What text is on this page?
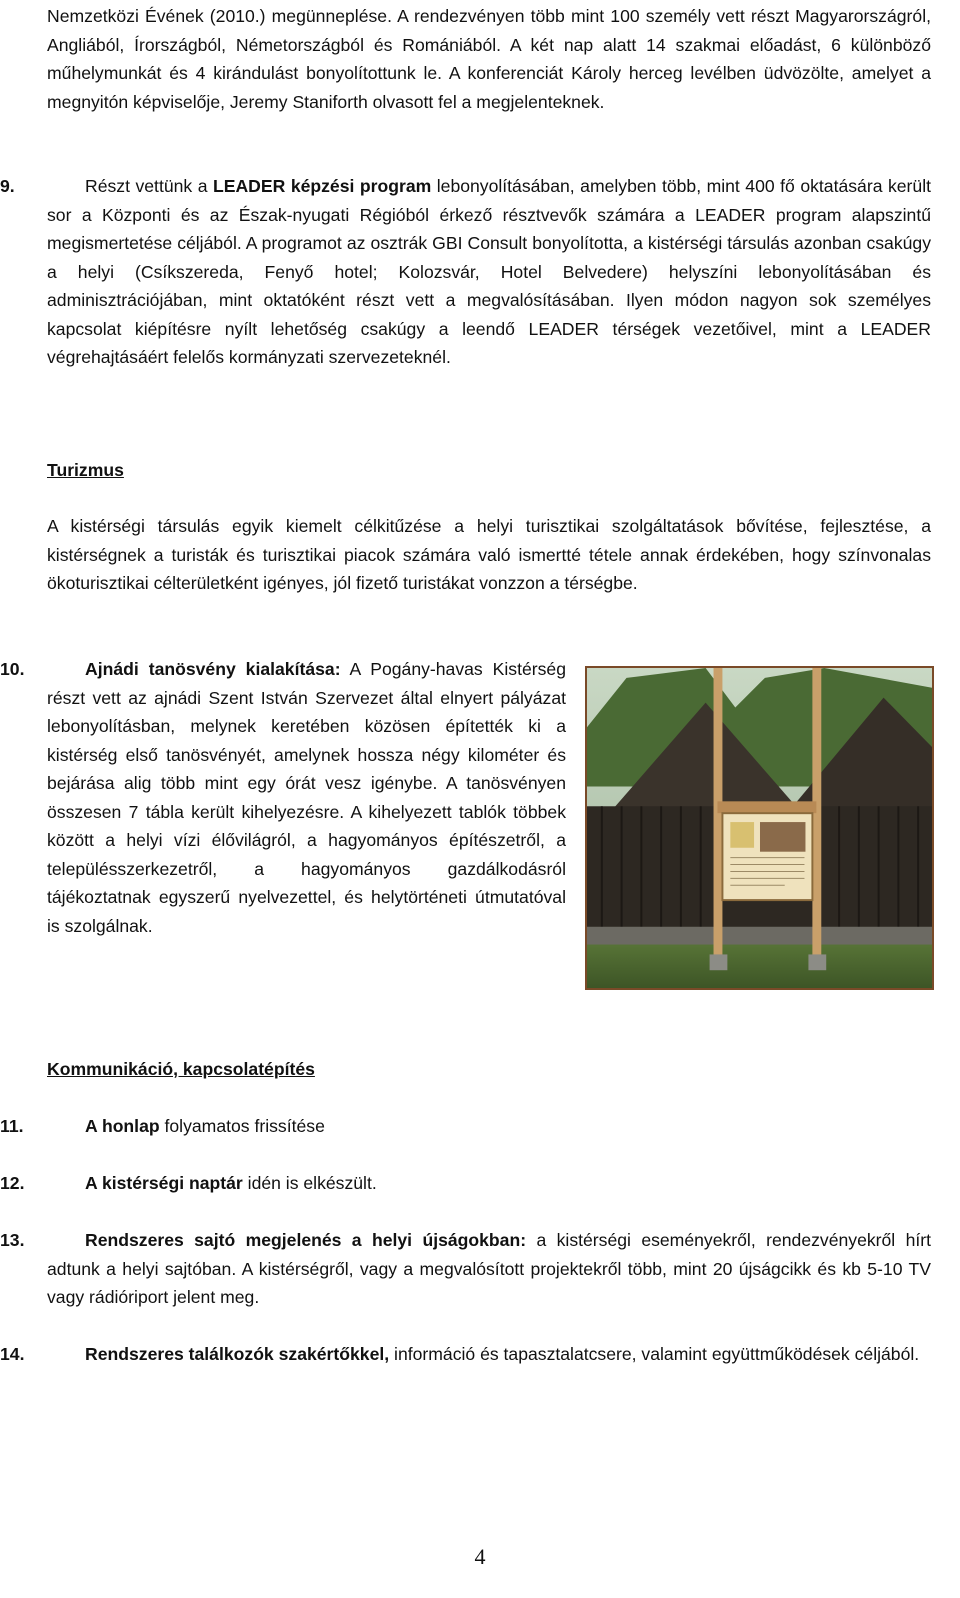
Nemzetközi Évének (2010.) megünneplése. A rendezvényen több mint 100 személy vett részt Magyarországról, Angliából, Írországból, Németországból és Romániából. A két nap alatt 14 szakmai előadást, 6 különböző műhelymunkát és 4 kirándulást bonyolítottunk le. A konferenciát Károly herceg levélben üdvözölte, amelyet a megnyitón képviselője, Jeremy Staniforth olvasott fel a megjelenteknek.

9.	Részt vettünk a LEADER képzési program lebonyolításában, amelyben több, mint 400 fő oktatására került sor a Központi és az Észak-nyugati Régióból érkező résztvevők számára a LEADER program alapszintű megismertetése céljából. A programot az osztrák GBI Consult bonyolította, a kistérségi társulás azonban csakúgy a helyi (Csíkszereda, Fenyő hotel; Kolozsvár, Hotel Belvedere) helyszíni lebonyolításában és adminisztrációjában, mint oktatóként részt vett a megvalósításában. Ilyen módon nagyon sok személyes kapcsolat kiépítésre nyílt lehetőség csakúgy a leendő LEADER térségek vezetőivel, mint a LEADER végrehajtásáért felelős kormányzati szervezeteknél.

Turizmus

A kistérségi társulás egyik kiemelt célkitűzése a helyi turisztikai szolgáltatások bővítése, fejlesztése, a kistérségnek a turisták és turisztikai piacok számára való ismertté tétele annak érdekében, hogy színvonalas ökoturisztikai célterületként igényes, jól fizető turistákat vonzzon a térségbe.

10.	Ajnádi tanösvény kialakítása: A Pogány-havas Kistérség részt vett az ajnádi Szent István Szervezet által elnyert pályázat lebonyolításban, melynek keretében közösen építették ki a kistérség első tanösvényét, amelynek hossza négy kilométer és bejárása alig több mint egy órát vesz igénybe. A tanösvényen összesen 7 tábla került kihelyezésre. A kihelyezett tablók többek között a helyi vízi élővilágról, a hagyományos építészetről, a településszerkezetről, a hagyományos gazdálkodásról tájékoztatnak egyszerű nyelvezettel, és helytörténeti útmutatóval is szolgálnak.

Kommunikáció, kapcsolatépítés
11.	A honlap folyamatos frissítése
12.	A kistérségi naptár idén is elkészült.

13.	Rendszeres sajtó megjelenés a helyi újságokban: a kistérségi eseményekről, rendezvényekről hírt adtunk a helyi sajtóban. A kistérségről, vagy a megvalósított projektekről több, mint 20 újságcikk és kb 5-10 TV vagy rádióriport jelent meg.

14.	Rendszeres találkozók szakértőkkel, információ és tapasztalatcsere, valamint együttműködések céljából.

4
